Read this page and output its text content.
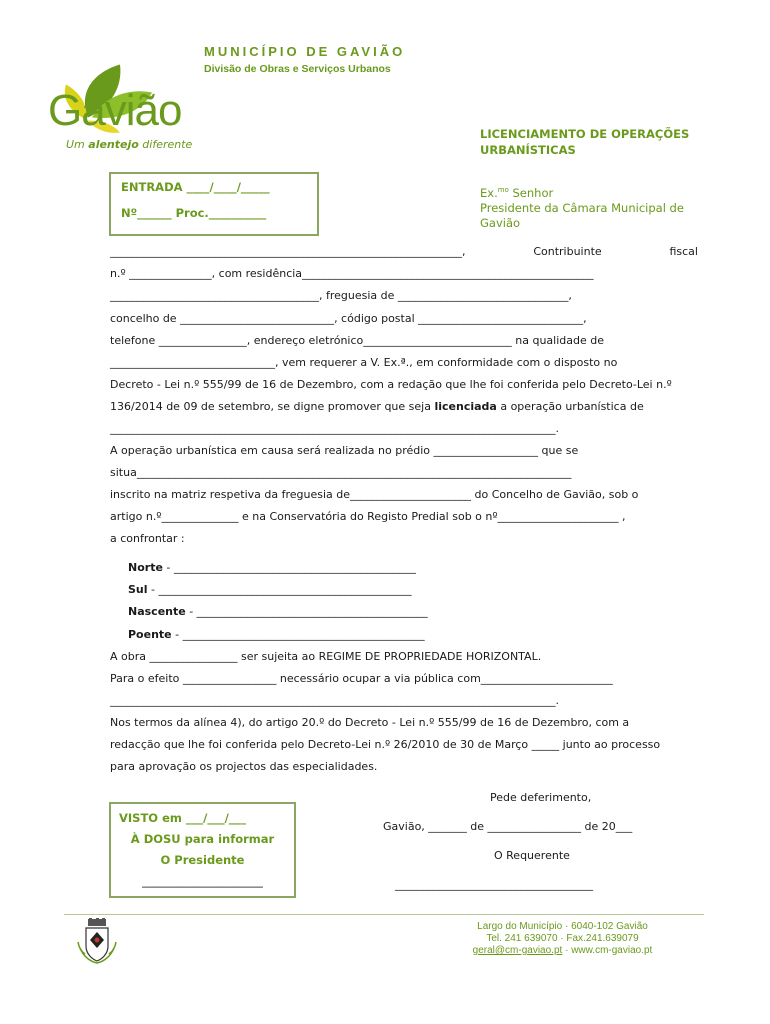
Gavião
Um alentejo diferente
MUNICÍPIO DE GAVIÃO
Divisão de Obras e Serviços Urbanos
LICENCIAMENTO DE OPERAÇÕES
URBANÍSTICAS
ENTRADA ____/____/_____
Nº______ Proc.__________
Ex.$^{mo}$ Senhor
Presidente da Câmara Municipal de
Gavião
________________________________________________________________,	Contribuinte	fiscal
n.º _______________, com residência_____________________________________________________
______________________________________, freguesia de _______________________________,
concelho de ____________________________, código postal ______________________________,
telefone ________________, endereço eletrónico___________________________ na qualidade de
______________________________, vem requerer a V. Ex.ª., em conformidade com o disposto no
Decreto - Lei n.º 555/99 de 16 de Dezembro, com a redação que lhe foi conferida pelo Decreto-Lei n.º
136/2014 de 09 de setembro, se digne promover que seja licenciada a operação urbanística de
_________________________________________________________________________________.
A operação urbanística em causa será realizada no prédio ___________________ que se
situa_______________________________________________________________________________
inscrito na matriz respetiva da freguesia de______________________ do Concelho de Gavião, sob o
artigo n.º______________ e na Conservatória do Registo Predial sob o nº______________________ ,
a confrontar :
Norte - ____________________________________________
Sul - ______________________________________________
Nascente - __________________________________________
Poente - ____________________________________________
A obra ________________ ser sujeita ao REGIME DE PROPRIEDADE HORIZONTAL.
Para o efeito _________________ necessário ocupar a via pública com________________________
_________________________________________________________________________________.
Nos termos da alínea 4), do artigo 20.º do Decreto - Lei n.º 555/99 de 16 de Dezembro, com a
redacção que lhe foi conferida pelo Decreto-Lei n.º 26/2010 de 30 de Março _____ junto ao processo
para aprovação os projectos das especialidades.
VISTO em ___/___/___
À DOSU para informar
O Presidente
_____________________
Pede deferimento,
Gavião, _______ de _________________ de 20___
O Requerente
____________________________________
Largo do Município · 6040-102 Gavião
Tel. 241 639070 · Fax.241.639079
geral@cm-gaviao.pt · www.cm-gaviao.pt
